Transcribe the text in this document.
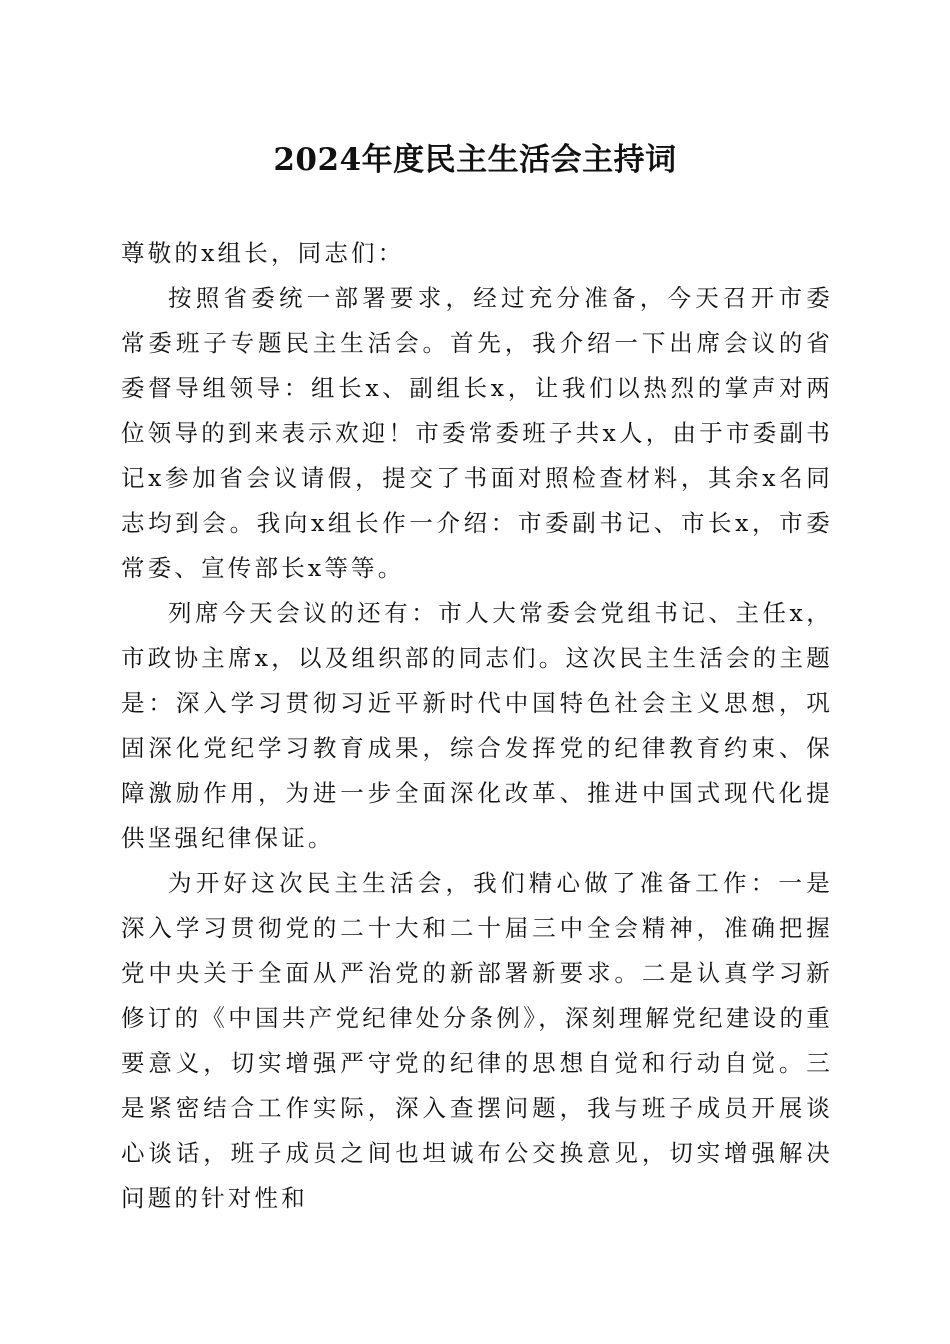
2024年度民主生活会主持词

尊敬的x组长，同志们：

按照省委统一部署要求，经过充分准备，今天召开市委常委班子专题民主生活会。首先，我介绍一下出席会议的省委督导组领导：组长x、副组长x，让我们以热烈的掌声对两位领导的到来表示欢迎！市委常委班子共x人，由于市委副书记x参加省会议请假，提交了书面对照检查材料，其余x名同志均到会。我向x组长作一介绍：市委副书记、市长x，市委常委、宣传部长x等等。

列席今天会议的还有：市人大常委会党组书记、主任x，市政协主席x，以及组织部的同志们。这次民主生活会的主题是：深入学习贯彻习近平新时代中国特色社会主义思想，巩固深化党纪学习教育成果，综合发挥党的纪律教育约束、保障激励作用，为进一步全面深化改革、推进中国式现代化提供坚强纪律保证。

为开好这次民主生活会，我们精心做了准备工作：一是深入学习贯彻党的二十大和二十届三中全会精神，准确把握党中央关于全面从严治党的新部署新要求。二是认真学习新修订的《中国共产党纪律处分条例》，深刻理解党纪建设的重要意义，切实增强严守党的纪律的思想自觉和行动自觉。三是紧密结合工作实际，深入查摆问题，我与班子成员开展谈心谈话，班子成员之间也坦诚布公交换意见，切实增强解决问题的针对性和
